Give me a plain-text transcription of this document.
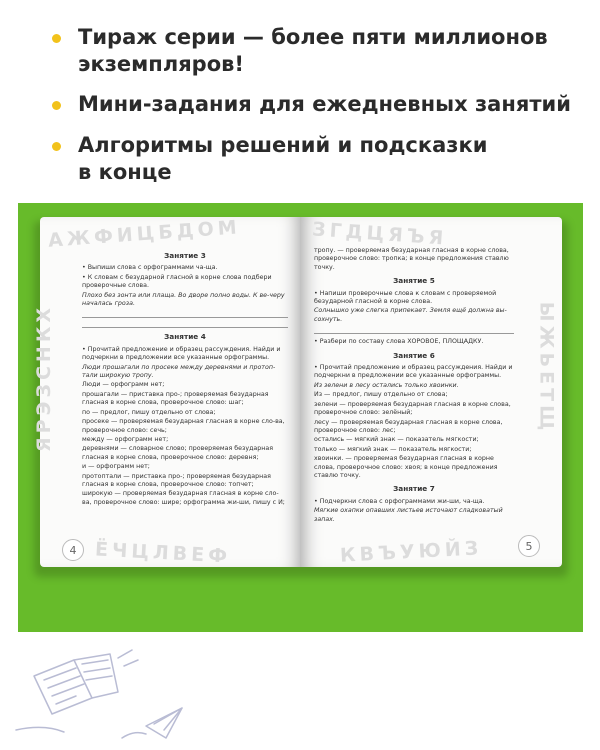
Тираж серии — более пяти миллионов
экземпляров!
Мини-задания для ежедневных занятий
Алгоритмы решений и подсказки
в конце
АЖФИЦБДОМ
ЯРЭЗСНКХ
ЁЧЦЛВЕФ
4

Занятие 3

• Выпиши слова с орфограммами ча-ща.

• К словам с безударной гласной в корне слова подбери проверочные слова.

Плохо без зонта или плаща. Во дворе полно воды. К ве-черу началась гроза.

Занятие 4

• Прочитай предложение и образец рассуждения. Найди и подчеркни в предложении все указанные орфограммы.

Люди прошагали по просеке между деревнями и протоп-тали широкую тропу.

Люди — орфограмм нет;

прошагали — приставка про-; проверяемая безударная гласная в корне слова, проверочное слово: шаг;

по — предлог, пишу отдельно от слова;

просеке — проверяемая безударная гласная в корне сло-ва, проверочное слово: сечь;

между — орфограмм нет;

деревнями — словарное слово; проверяемая безударная гласная в корне слова, проверочное слово: деревня;

и — орфограмм нет;

протоптали — приставка про-; проверяемая безударная гласная в корне слова, проверочное слово: топчет;

широкую — проверяемая безударная гласная в корне сло-ва, проверочное слово: шире; орфограмма жи-ши, пишу с И;

ЗГДЦЯЪЯ
ЫЖЬЕТЩ
КВЪУЮЙЗ	5

тропу. — проверяемая безударная гласная в корне слова, проверочное слово: тропка; в конце предложения ставлю точку.

Занятие 5

• Напиши проверочные слова к словам с проверяемой безударной гласной в корне слова.

Солнышко уже слегка припекает. Земля ещё должна вы-сохнуть.

• Разбери по составу слова ХОРОВОЕ, ПЛОЩАДКУ.

Занятие 6

• Прочитай предложение и образец рассуждения. Найди и подчеркни в предложении все указанные орфограммы.

Из зелени в лесу остались только хвоинки.

Из — предлог, пишу отдельно от слова;

зелени — проверяемая безударная гласная в корне слова, проверочное слово: зелёный;

лесу — проверяемая безударная гласная в корне слова, проверочное слово: лес;

остались — мягкий знак — показатель мягкости;

только — мягкий знак — показатель мягкости;

хвоинки. — проверяемая безударная гласная в корне слова, проверочное слово: хвоя; в конце предложения ставлю точку.

Занятие 7

• Подчеркни слова с орфограммами жи-ши, ча-ща.

Мягкие охапки опавших листьев источают сладковатый запах.
